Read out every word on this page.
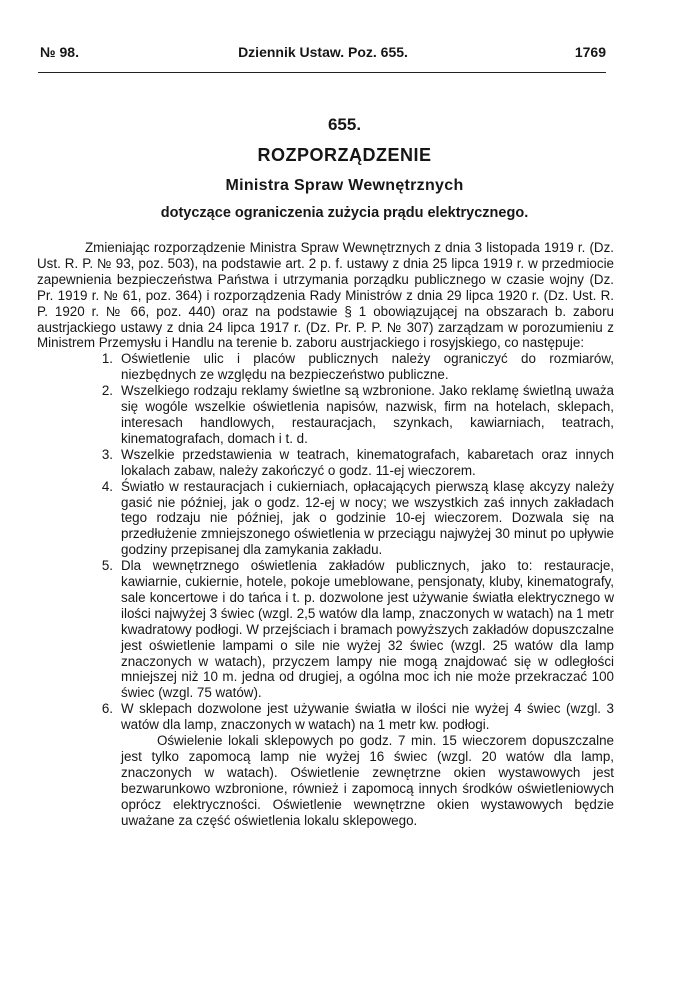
№ 98.	Dziennik Ustaw. Poz. 655.	1769
655.
ROZPORZĄDZENIE
Ministra Spraw Wewnętrznych
dotyczące ograniczenia zużycia prądu elektrycznego.
Zmieniając rozporządzenie Ministra Spraw Wewnętrznych z dnia 3 listopada 1919 r. (Dz. Ust. R. P. № 93, poz. 503), na podstawie art. 2 p. f. ustawy z dnia 25 lipca 1919 r. w przedmiocie zapewnienia bezpieczeństwa Państwa i utrzymania porządku publicznego w czasie wojny (Dz. Pr. 1919 r. № 61, poz. 364) i rozporządzenia Rady Ministrów z dnia 29 lipca 1920 r. (Dz. Ust. R. P. 1920 r. № 66, poz. 440) oraz na podstawie § 1 obowiązującej na obszarach b. zaboru austrjackiego ustawy z dnia 24 lipca 1917 r. (Dz. Pr. P. P. № 307) zarządzam w porozumieniu z Ministrem Przemysłu i Handlu na terenie b. zaboru austrjackiego i rosyjskiego, co następuje:
1. Oświetlenie ulic i placów publicznych należy ograniczyć do rozmiarów, niezbędnych ze względu na bezpieczeństwo publiczne.
2. Wszelkiego rodzaju reklamy świetlne są wzbronione. Jako reklamę świetlną uważa się wogóle wszelkie oświetlenia napisów, nazwisk, firm na hotelach, sklepach, interesach handlowych, restauracjach, szynkach, kawiarniach, teatrach, kinematografach, domach i t. d.
3. Wszelkie przedstawienia w teatrach, kinematografach, kabaretach oraz innych lokalach zabaw, należy zakończyć o godz. 11-ej wieczorem.
4. Światło w restauracjach i cukierniach, opłacających pierwszą klasę akcyzy należy gasić nie później, jak o godz. 12-ej w nocy; we wszystkich zaś innych zakładach tego rodzaju nie później, jak o godzinie 10-ej wieczorem. Dozwala się na przedłużenie zmniejszonego oświetlenia w przeciągu najwyżej 30 minut po upływie godziny przepisanej dla zamykania zakładu.
5. Dla wewnętrznego oświetlenia zakładów publicznych, jako to: restauracje, kawiarnie, cukiernie, hotele, pokoje umeblowane, pensjonaty, kluby, kinematografy, sale koncertowe i do tańca i t. p. dozwolone jest używanie światła elektrycznego w ilości najwyżej 3 świec (wzgl. 2,5 watów dla lamp, znaczonych w watach) na 1 metr kwadratowy podłogi. W przejściach i bramach powyższych zakładów dopuszczalne jest oświetlenie lampami o sile nie wyżej 32 świec (wzgl. 25 watów dla lamp znaczonych w watach), przyczem lampy nie mogą znajdować się w odległości mniejszej niż 10 m. jedna od drugiej, a ogólna moc ich nie może przekraczać 100 świec (wzgl. 75 watów).
6. W sklepach dozwolone jest używanie światła w ilości nie wyżej 4 świec (wzgl. 3 watów dla lamp, znaczonych w watach) na 1 metr kw. podłogi.
Oświelenie lokali sklepowych po godz. 7 min. 15 wieczorem dopuszczalne jest tylko zapomocą lamp nie wyżej 16 świec (wzgl. 20 watów dla lamp, znaczonych w watach). Oświetlenie zewnętrzne okien wystawowych jest bezwarunkowo wzbronione, również i zapomocą innych środków oświetleniowych oprócz elektryczności. Oświetlenie wewnętrzne okien wystawowych będzie uważane za część oświetlenia lokalu sklepowego.
